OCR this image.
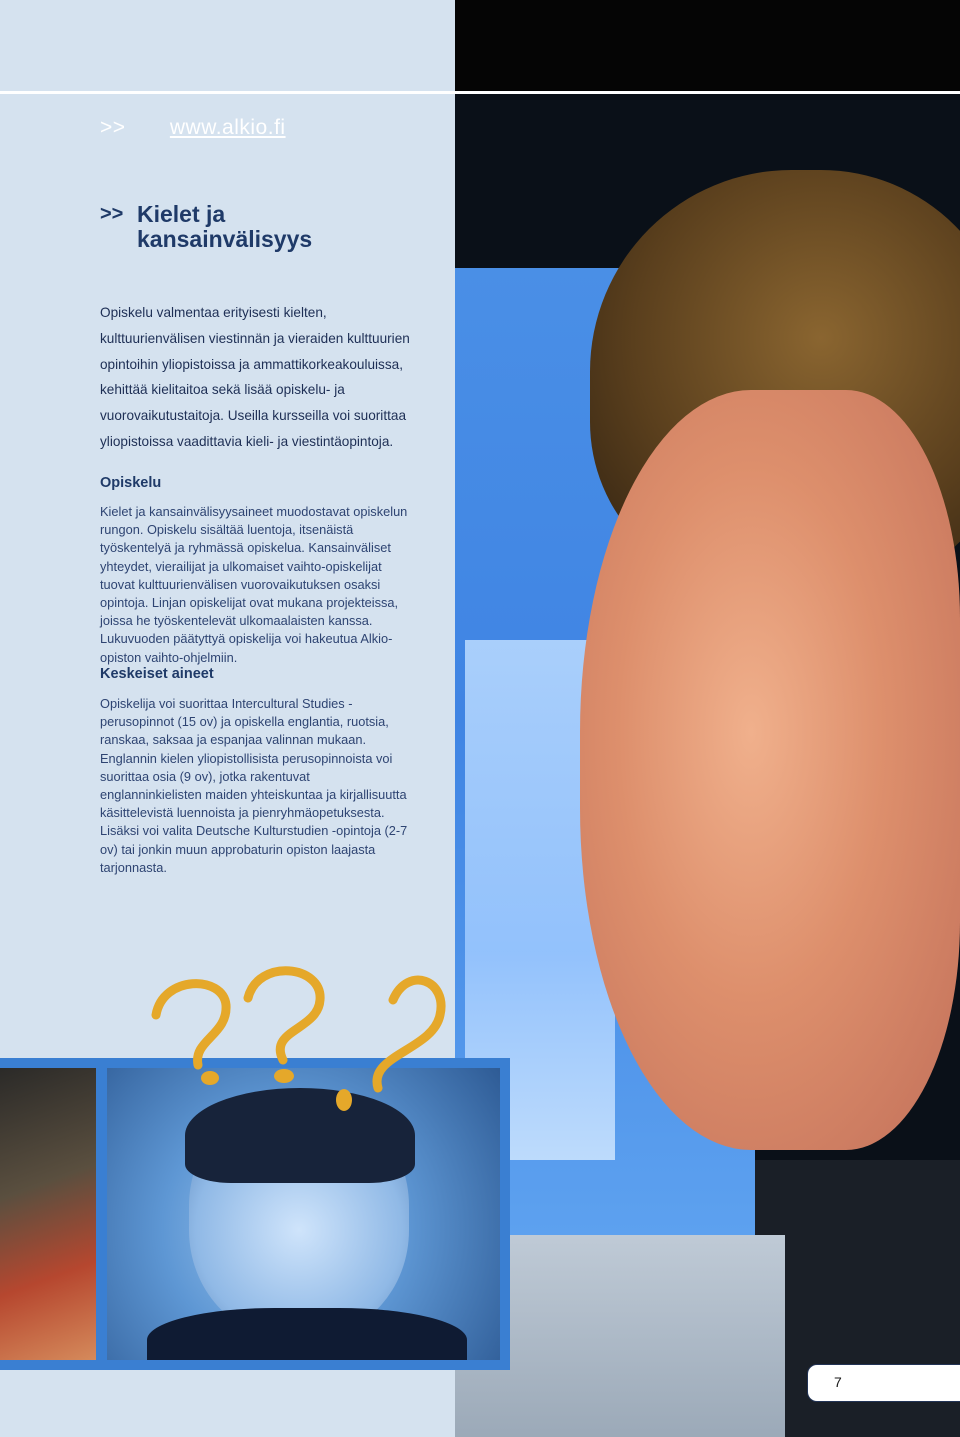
>> www.alkio.fi
>> Kielet ja kansainvälisyys
Opiskelu valmentaa erityisesti kielten, kulttuurienvälisen viestinnän ja vieraiden kulttuurien opintoihin yliopistoissa ja ammattikorkeakouluissa, kehittää kielitaitoa sekä lisää opiskelu- ja vuorovaikutustaitoja. Useilla kursseilla voi suorittaa yliopistoissa vaadittavia kieli- ja viestintäopintoja.
Opiskelu
Kielet ja kansainvälisyysaineet muodostavat opiskelun rungon. Opiskelu sisältää luentoja, itsenäistä työskentelyä ja ryhmässä opiskelua. Kansainväliset yhteydet, vierailijat ja ulkomaiset vaihto-opiskelijat tuovat kulttuurienvälisen vuorovaikutuksen osaksi opintoja. Linjan opiskelijat ovat mukana projekteissa, joissa he työskentelevät ulkomaalaisten kanssa. Lukuvuoden päätyttyä opiskelija voi hakeutua Alkio-opiston vaihto-ohjelmiin.
Keskeiset aineet
Opiskelija voi suorittaa Intercultural Studies -perusopinnot (15 ov) ja opiskella englantia, ruotsia, ranskaa, saksaa ja espanjaa valinnan mukaan. Englannin kielen yliopistollisista perusopinnoista voi suorittaa osia (9 ov), jotka rakentuvat englanninkielisten maiden yhteiskuntaa ja kirjallisuutta käsittelevistä luennoista ja pienryhmäopetuksesta. Lisäksi voi valita Deutsche Kulturstudien -opintoja (2-7 ov) tai jonkin muun approbaturin opiston laajasta tarjonnasta.
7
